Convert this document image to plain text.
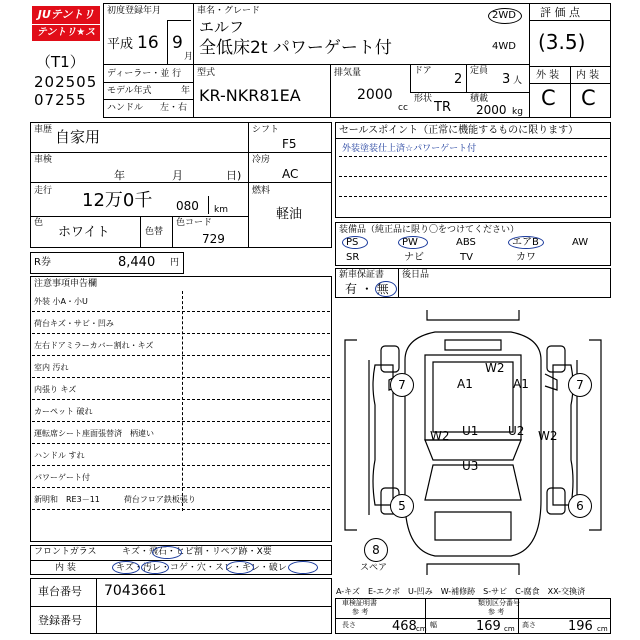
JUテントリ
テントリ★スター
（T1）
202505
07255
初度登録年月
平成 16 9
月
ディーラー・並 行
モデル年式	年
ハンドル 左・右
車名・グレード
エルフ
全低床2t パワーゲート付
2WD
4WD
型式
KR-NKR81EA
排気量
2000
cc
ドア
2
定員
3 人
形状
TR
積載
2000 kg
評 価 点
(3.5)
外 装 内 装
C C
車歴 自家用
車検
年	月	日)
走行 12万0千 080 km
色
ホワイト	色替
色コード
729
シフト
F5
冷房
AC
燃料
軽油
R券	8,440 円
注意事項申告欄
外装 小A・小U
荷台キズ・サビ・凹み
左右ドアミラーカバー割れ・キズ
室内 汚れ
内張り キズ
カーペット 破れ
運転席シート座面張替済　柄違い
ハンドル すれ
パワーゲート付
新明和　RE3－11　　　荷台フロア鉄板張り
フロントガラス	キズ・飛石・ヒビ割・リペア跡・X要
内 装	キズ・汚レ・コゲ・穴・スレ・キレ・破レ
車台番号 7043661
登録番号
セールスポイント（正常に機能するものに限ります）
外装塗装仕上済☆パワーゲート付
装備品（純正品に限り〇をつけてください）
PS	PW	ABS	エアB	AW
SR	ナビ	TV	カワ
新車保証書
有 ・ 無
後日品
W2
A1	A1
W2 U1 U2 W2
U3
7	7
5	6
8
スペア
A-キズ　E-エクボ　U-凹み　W-補修跡　S-サビ　C-腐食　XX-交換済
車検証明書
参 考
類別区分番号
参 考
長さ	468 cm 幅	169 cm 高さ 196 cm
